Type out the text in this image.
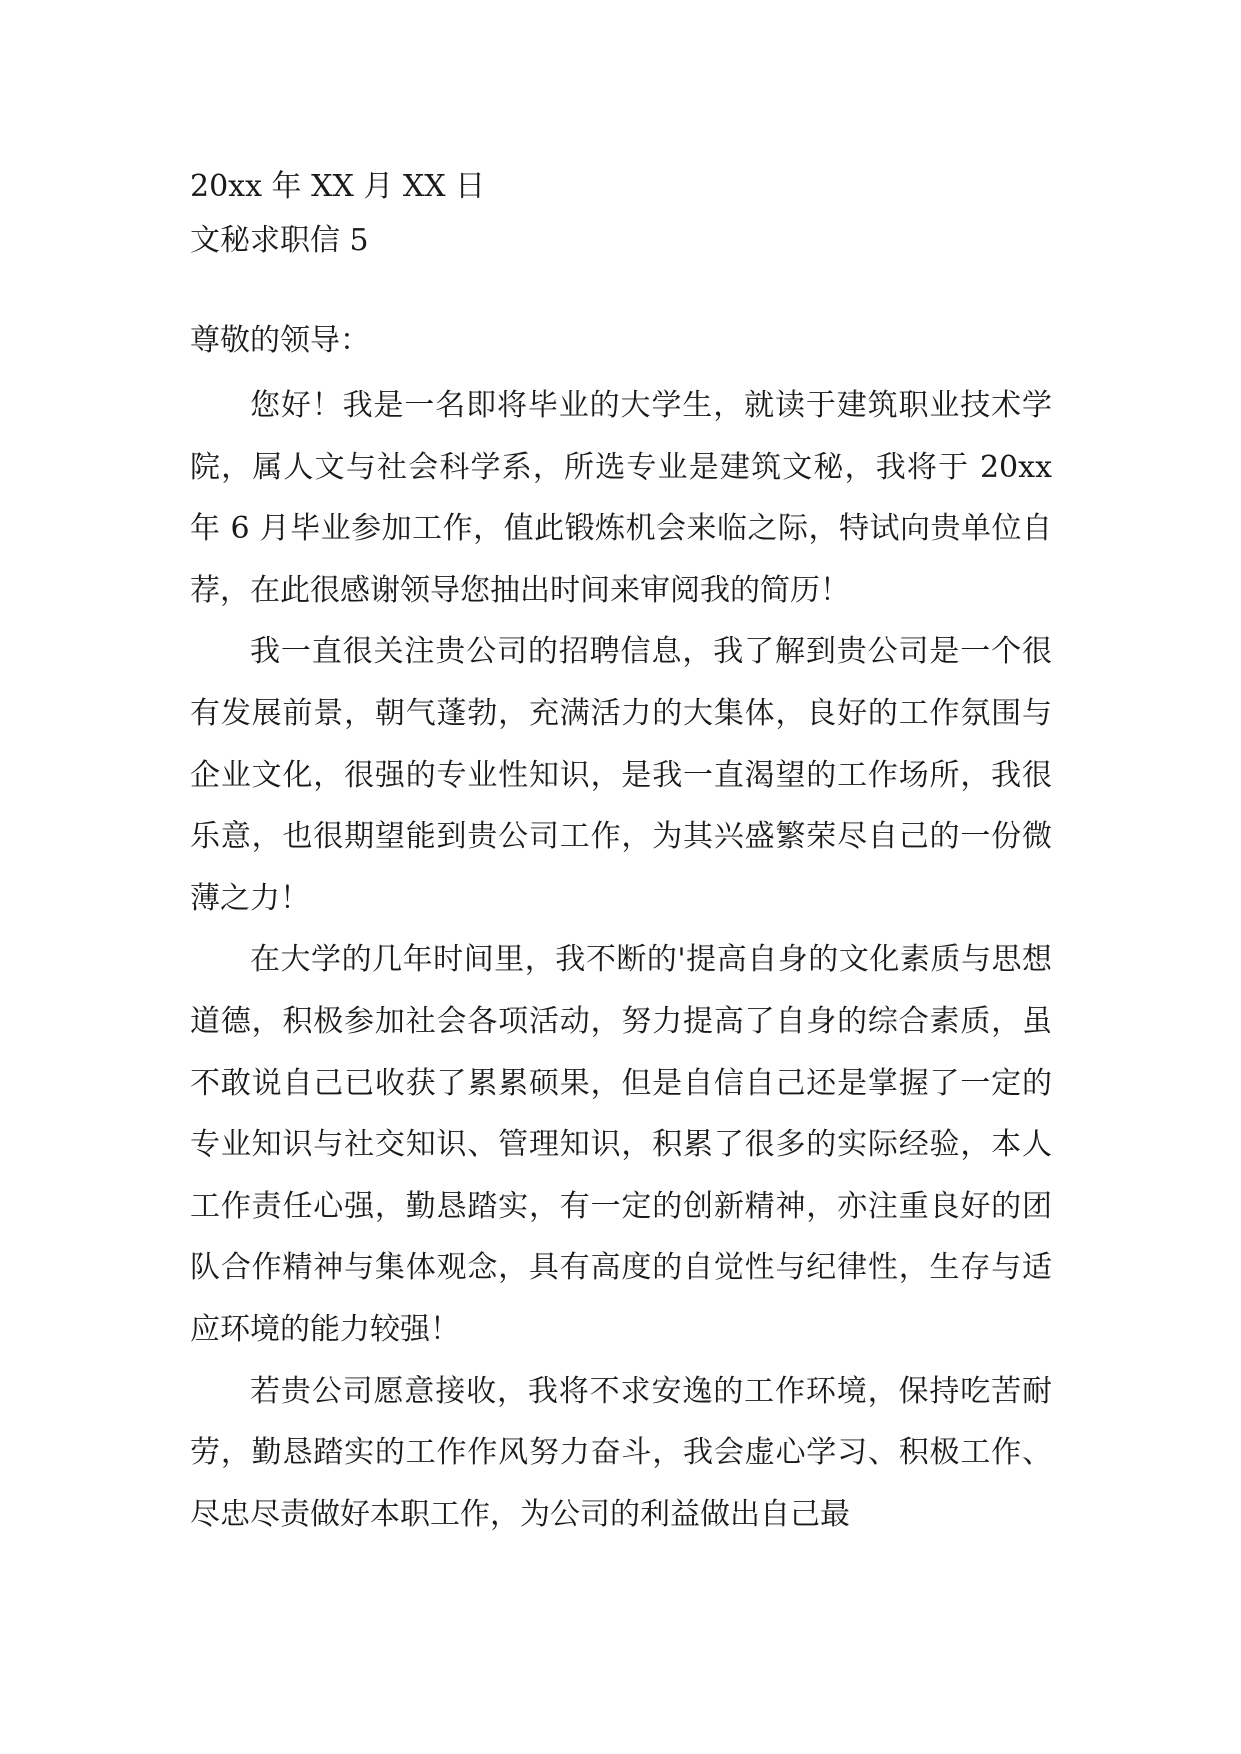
20xx 年 XX 月 XX 日

文秘求职信 5

尊敬的领导：

您好！我是一名即将毕业的大学生，就读于建筑职业技术学院，属人文与社会科学系，所选专业是建筑文秘，我将于 20xx 年 6 月毕业参加工作，值此锻炼机会来临之际，特试向贵单位自荐，在此很感谢领导您抽出时间来审阅我的简历！

我一直很关注贵公司的招聘信息，我了解到贵公司是一个很有发展前景，朝气蓬勃，充满活力的大集体，良好的工作氛围与企业文化，很强的专业性知识，是我一直渴望的工作场所，我很乐意，也很期望能到贵公司工作，为其兴盛繁荣尽自己的一份微薄之力！

在大学的几年时间里，我不断的'提高自身的文化素质与思想道德，积极参加社会各项活动，努力提高了自身的综合素质，虽不敢说自己已收获了累累硕果，但是自信自己还是掌握了一定的专业知识与社交知识、管理知识，积累了很多的实际经验，本人工作责任心强，勤恳踏实，有一定的创新精神，亦注重良好的团队合作精神与集体观念，具有高度的自觉性与纪律性，生存与适应环境的能力较强！

若贵公司愿意接收，我将不求安逸的工作环境，保持吃苦耐劳，勤恳踏实的工作作风努力奋斗，我会虚心学习、积极工作、尽忠尽责做好本职工作，为公司的利益做出自己最
